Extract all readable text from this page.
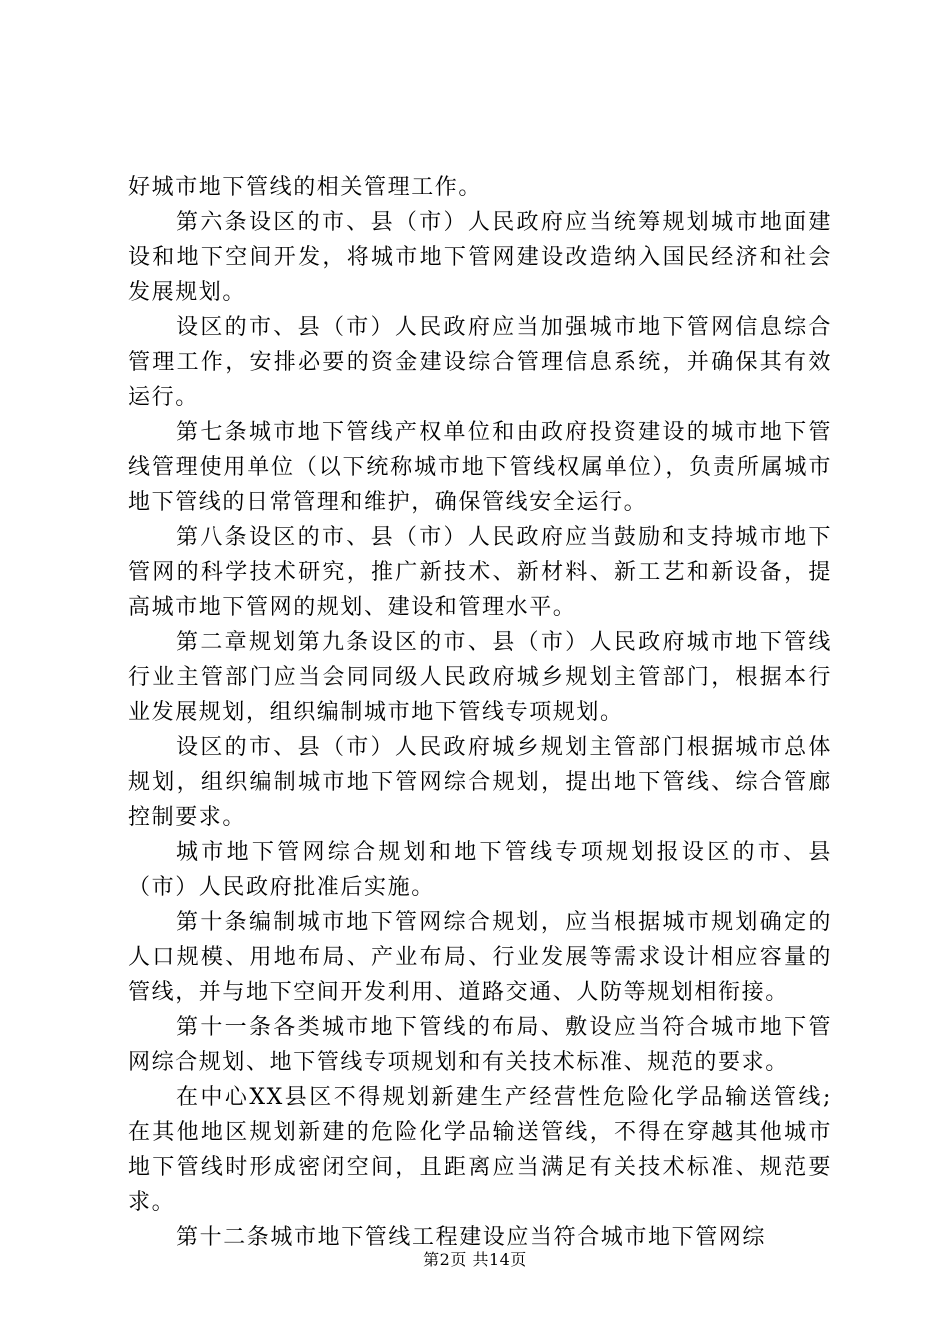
好城市地下管线的相关管理工作。

第六条设区的市、县（市）人民政府应当统筹规划城市地面建设和地下空间开发，将城市地下管网建设改造纳入国民经济和社会发展规划。

设区的市、县（市）人民政府应当加强城市地下管网信息综合管理工作，安排必要的资金建设综合管理信息系统，并确保其有效运行。

第七条城市地下管线产权单位和由政府投资建设的城市地下管线管理使用单位（以下统称城市地下管线权属单位），负责所属城市地下管线的日常管理和维护，确保管线安全运行。

第八条设区的市、县（市）人民政府应当鼓励和支持城市地下管网的科学技术研究，推广新技术、新材料、新工艺和新设备，提高城市地下管网的规划、建设和管理水平。

第二章规划第九条设区的市、县（市）人民政府城市地下管线行业主管部门应当会同同级人民政府城乡规划主管部门，根据本行业发展规划，组织编制城市地下管线专项规划。

设区的市、县（市）人民政府城乡规划主管部门根据城市总体规划，组织编制城市地下管网综合规划，提出地下管线、综合管廊控制要求。

城市地下管网综合规划和地下管线专项规划报设区的市、县（市）人民政府批准后实施。

第十条编制城市地下管网综合规划，应当根据城市规划确定的人口规模、用地布局、产业布局、行业发展等需求设计相应容量的管线，并与地下空间开发利用、道路交通、人防等规划相衔接。

第十一条各类城市地下管线的布局、敷设应当符合城市地下管网综合规划、地下管线专项规划和有关技术标准、规范的要求。

在中心XX县区不得规划新建生产经营性危险化学品输送管线;在其他地区规划新建的危险化学品输送管线，不得在穿越其他城市地下管线时形成密闭空间，且距离应当满足有关技术标准、规范要求。

第十二条城市地下管线工程建设应当符合城市地下管网综

第2页 共14页
